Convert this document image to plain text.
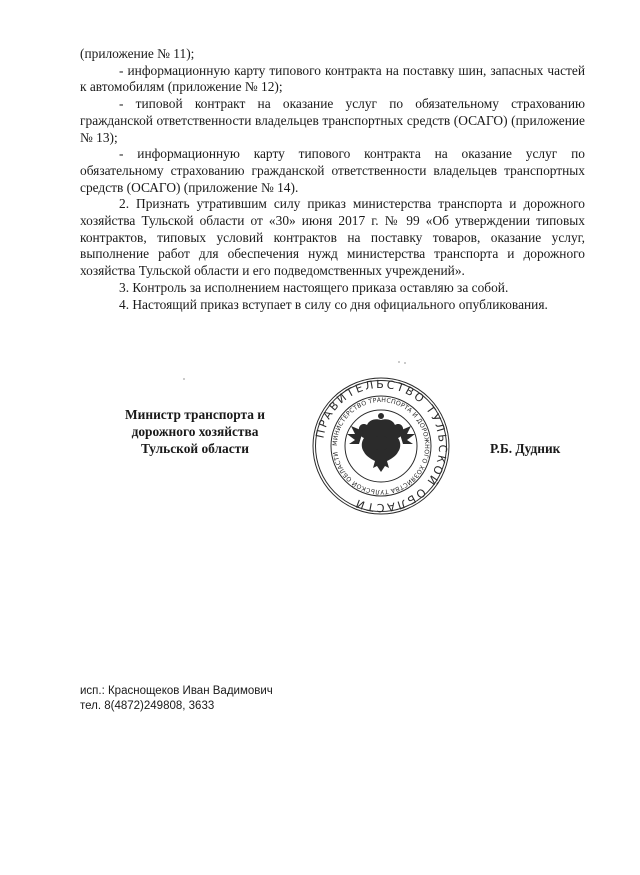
(приложение № 11);

- информационную карту типового контракта на поставку шин, запасных частей к автомобилям (приложение № 12);

- типовой контракт на оказание услуг по обязательному страхованию гражданской ответственности владельцев транспортных средств (ОСАГО) (приложение № 13);

- информационную карту типового контракта на оказание услуг по обязательному страхованию гражданской ответственности владельцев транспортных средств (ОСАГО) (приложение № 14).

2. Признать утратившим силу приказ министерства транспорта и дорожного хозяйства Тульской области от «30» июня 2017 г. № 99 «Об утверждении типовых контрактов, типовых условий контрактов на поставку товаров, оказание услуг, выполнение работ для обеспечения нужд министерства транспорта и дорожного хозяйства Тульской области и его подведомственных учреждений».

3. Контроль за исполнением настоящего приказа оставляю за собой.

4. Настоящий приказ вступает в силу со дня официального опубликования.

Министр транспорта и
дорожного хозяйства
Тульской области
ПРАВИТЕЛЬСТВО ТУЛЬСКОЙ ОБЛАСТИ
МИНИСТЕРСТВО ТРАНСПОРТА И ДОРОЖНОГО ХОЗЯЙСТВА ТУЛЬСКОЙ ОБЛАСТИ	Р.Б. Дудник

исп.: Краснощеков Иван Вадимович

тел. 8(4872)249808, 3633
